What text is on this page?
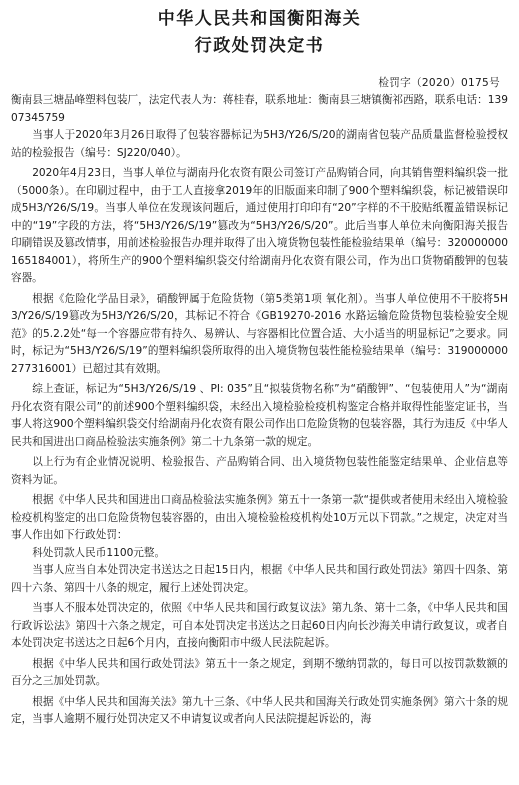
中华人民共和国衡阳海关
行政处罚决定书
检罚字（2020）0175号

衡南县三塘晶峰塑料包装厂，法定代表人为：蒋桂春，联系地址：衡南县三塘镇衡祁西路，联系电话：13907345759

当事人于2020年3月26日取得了包装容器标记为5H3/Y26/S/20的湖南省包装产品质量监督检验授权站的检验报告（编号：SJ220/040）。

2020年4月23日，当事人单位与湖南丹化农资有限公司签订产品购销合同，向其销售塑料编织袋一批（5000条）。在印刷过程中，由于工人直接拿2019年的旧版面来印制了900个塑料编织袋，标记被错误印成5H3/Y26/S/19。当事人单位在发现该问题后，通过使用打印印有“20”字样的不干胶贴纸覆盖错误标记中的“19”字段的方法，将“5H3/Y26/S/19”篡改为“5H3/Y26/S/20”。此后当事人单位未向衡阳海关报告印刷错误及篡改情事，用前述检验报告办理并取得了出入境货物包装性能检验结果单（编号：320000000165184001），将所生产的900个塑料编织袋交付给湖南丹化农资有限公司，作为出口货物硝酸钾的包装容器。

根据《危险化学品目录》，硝酸钾属于危险货物（第5类第1项 氧化剂）。当事人单位使用不干胶将5H3/Y26/S/19篡改为5H3/Y26/S/20，其标记不符合《GB19270-2016 水路运输危险货物包装检验安全规范》的5.2.2处“每一个容器应带有持久、易辨认、与容器相比位置合适、大小适当的明显标记”之要求。同时，标记为“5H3/Y26/S/19”的塑料编织袋所取得的出入境货物包装性能检验结果单（编号：319000000277316001）已超过其有效期。

综上查证，标记为“5H3/Y26/S/19 、PI: 035”且“拟装货物名称”为“硝酸钾”、“包装使用人”为“湖南丹化农资有限公司”的前述900个塑料编织袋，未经出入境检验检疫机构鉴定合格并取得性能鉴定证书，当事人将这900个塑料编织袋交付给湖南丹化农资有限公司作出口危险货物的包装容器，其行为违反《中华人民共和国进出口商品检验法实施条例》第二十九条第一款的规定。

以上行为有企业情况说明、检验报告、产品购销合同、出入境货物包装性能鉴定结果单、企业信息等资料为证。

根据《中华人民共和国进出口商品检验法实施条例》第五十一条第一款“提供或者使用未经出入境检验检疫机构鉴定的出口危险货物包装容器的，由出入境检验检疫机构处10万元以下罚款。”之规定，决定对当事人作出如下行政处罚：

科处罚款人民币1100元整。

当事人应当自本处罚决定书送达之日起15日内，根据《中华人民共和国行政处罚法》第四十四条、第四十六条、第四十八条的规定，履行上述处罚决定。

当事人不服本处罚决定的，依照《中华人民共和国行政复议法》第九条、第十二条，《中华人民共和国行政诉讼法》第四十六条之规定，可自本处罚决定书送达之日起60日内向长沙海关申请行政复议，或者自本处罚决定书送达之日起6个月内，直接向衡阳市中级人民法院起诉。

根据《中华人民共和国行政处罚法》第五十一条之规定，到期不缴纳罚款的，每日可以按罚款数额的百分之三加处罚款。

根据《中华人民共和国海关法》第九十三条、《中华人民共和国海关行政处罚实施条例》第六十条的规定，当事人逾期不履行处罚决定又不申请复议或者向人民法院提起诉讼的，海
